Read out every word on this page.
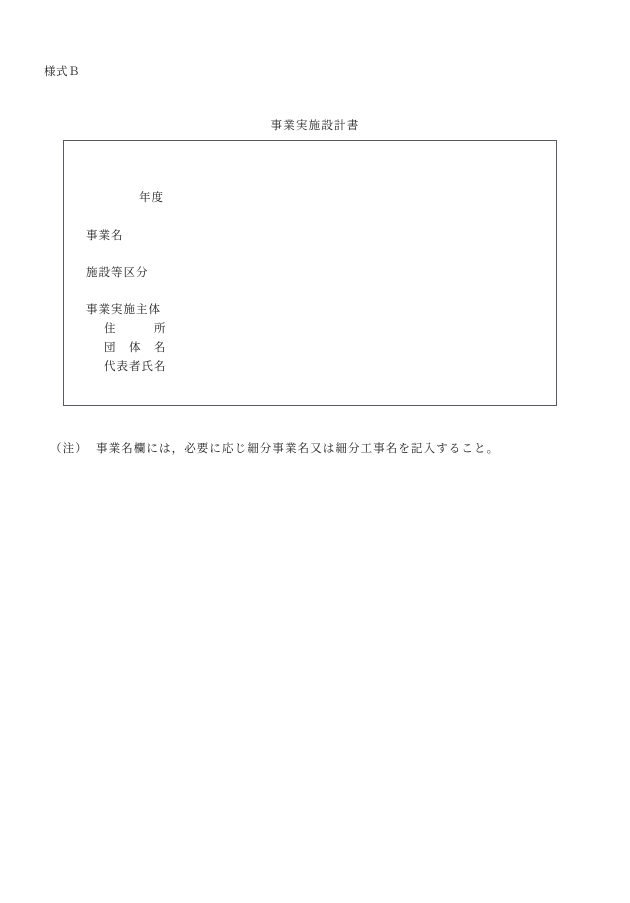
様式Ｂ
事業実施設計書
年度
事業名
施設等区分
事業実施主体
住　　　所
団　体　名
代表者氏名
（注） 事業名欄には，必要に応じ細分事業名又は細分工事名を記入すること。
